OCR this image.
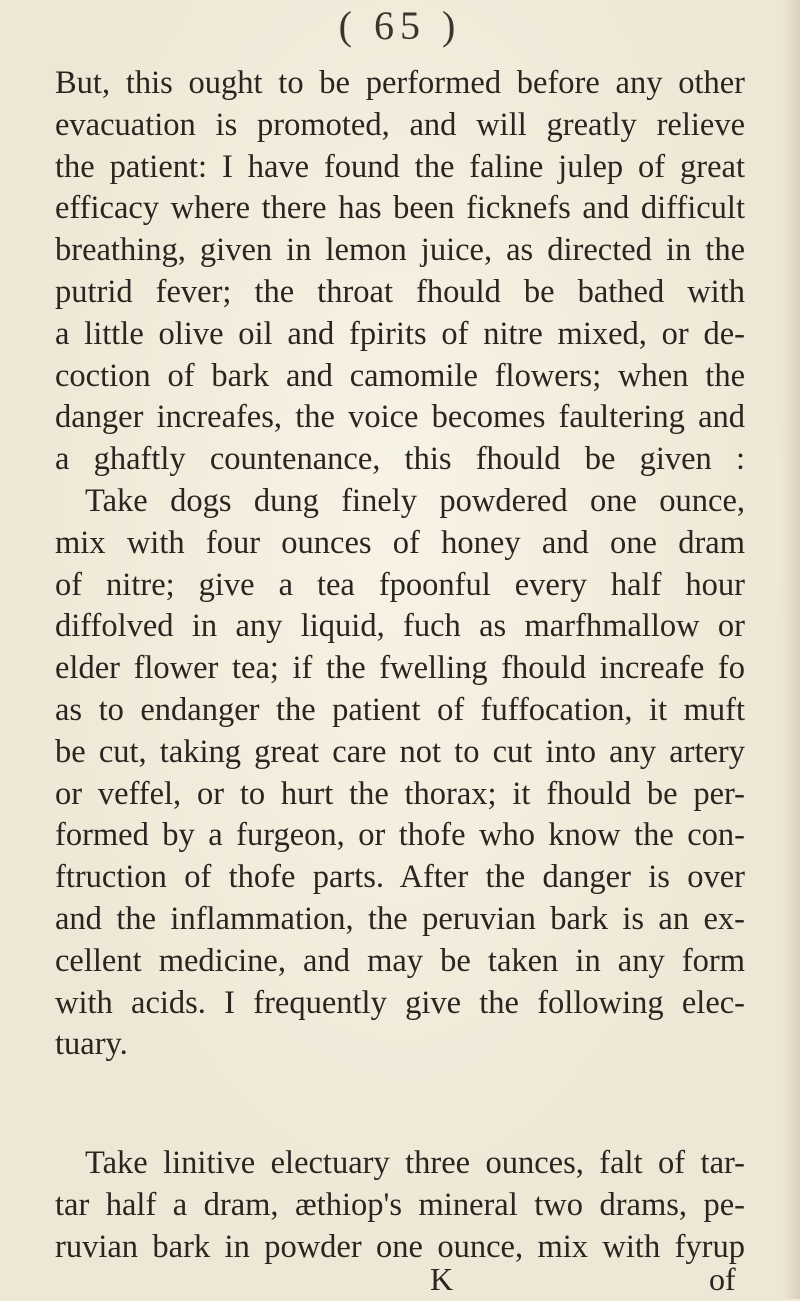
( 65 )
But, this ought to be performed before any other
evacuation is promoted, and will greatly relieve
the patient: I have found the faline julep of great
efficacy where there has been ficknefs and difficult
breathing, given in lemon juice, as directed in the
putrid fever; the throat fhould be bathed with
a little olive oil and fpirits of nitre mixed, or de-
coction of bark and camomile flowers; when the
danger increafes, the voice becomes faultering and
a ghaftly countenance, this fhould be given :
Take dogs dung finely powdered one ounce,
mix with four ounces of honey and one dram
of nitre; give a tea fpoonful every half hour
diffolved in any liquid, fuch as marfhmallow or
elder flower tea; if the fwelling fhould increafe fo
as to endanger the patient of fuffocation, it muft
be cut, taking great care not to cut into any artery
or veffel, or to hurt the thorax; it fhould be per-
formed by a furgeon, or thofe who know the con-
ftruction of thofe parts. After the danger is over
and the inflammation, the peruvian bark is an ex-
cellent medicine, and may be taken in any form
with acids. I frequently give the following elec-
tuary.
Take linitive electuary three ounces, falt of tar-
tar half a dram, æthiop's mineral two drams, pe-
ruvian bark in powder one ounce, mix with fyrup
K	of
